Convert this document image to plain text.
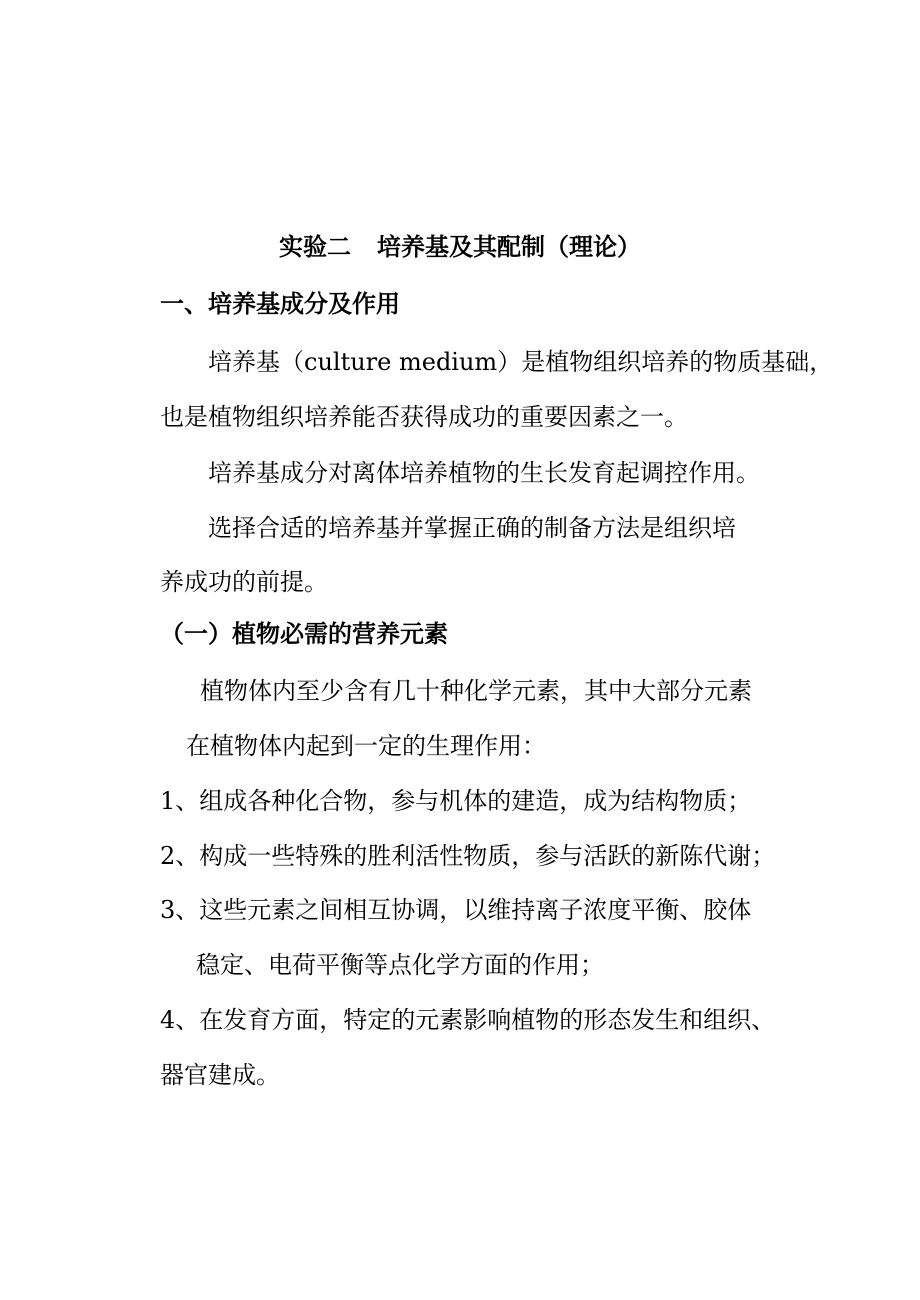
实验二 培养基及其配制（理论）
一、培养基成分及作用
培养基（culture medium）是植物组织培养的物质基础，
也是植物组织培养能否获得成功的重要因素之一。
培养基成分对离体培养植物的生长发育起调控作用。
选择合适的培养基并掌握正确的制备方法是组织培
养成功的前提。
（一）植物必需的营养元素
植物体内至少含有几十种化学元素，其中大部分元素
在植物体内起到一定的生理作用：
1、组成各种化合物，参与机体的建造，成为结构物质；
2、构成一些特殊的胜利活性物质，参与活跃的新陈代谢；
3、这些元素之间相互协调，以维持离子浓度平衡、胶体
稳定、电荷平衡等点化学方面的作用；
4、在发育方面，特定的元素影响植物的形态发生和组织、
器官建成。
